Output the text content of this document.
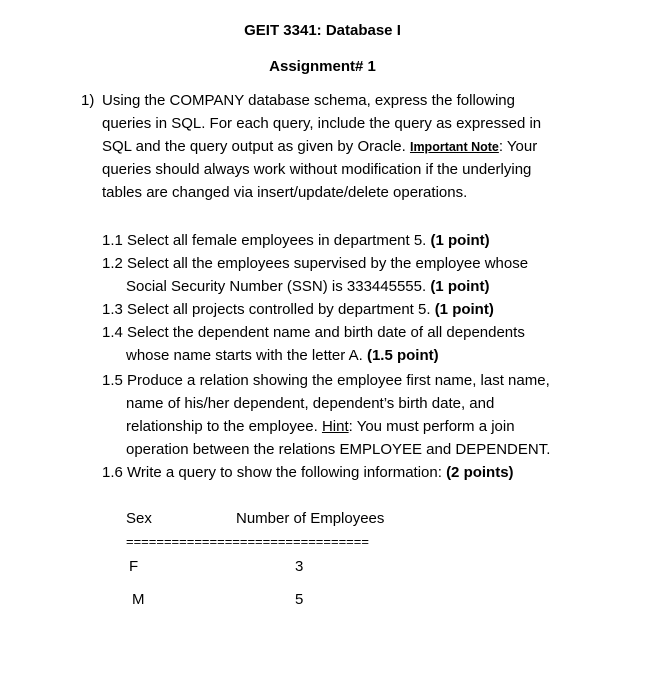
GEIT 3341: Database I
Assignment# 1
1) Using the COMPANY database schema, express the following
queries in SQL. For each query, include the query as expressed in
SQL and the query output as given by Oracle. Important Note: Your
queries should always work without modification if the underlying
tables are changed via insert/update/delete operations.
1.1 Select all female employees in department 5. (1 point)
1.2 Select all the employees supervised by the employee whose
Social Security Number (SSN) is 333445555. (1 point)
1.3 Select all projects controlled by department 5. (1 point)
1.4 Select the dependent name and birth date of all dependents
whose name starts with the letter A. (1.5 point)
1.5 Produce a relation showing the employee first name, last name,
name of his/her dependent, dependent’s birth date, and
relationship to the employee. Hint: You must perform a join
operation between the relations EMPLOYEE and DEPENDENT.
1.6 Write a query to show the following information: (2 points)
Sex	Number of Employees
================================
F	3
M	5
